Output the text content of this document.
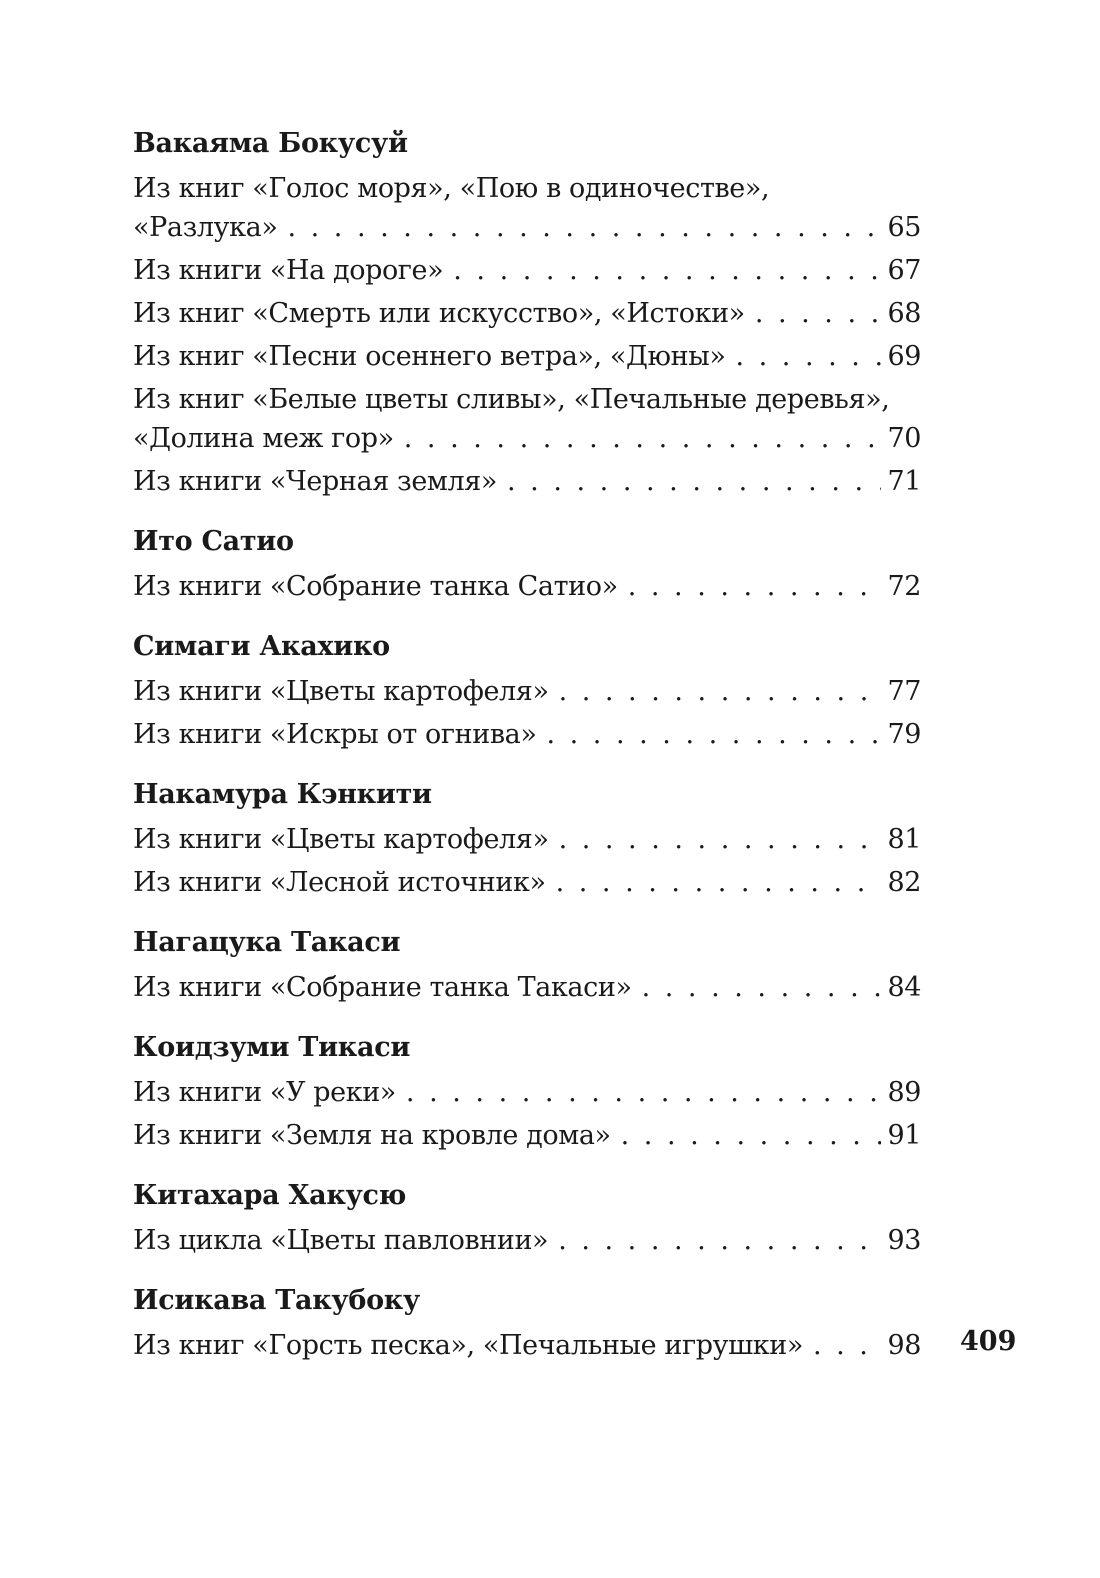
Вакаяма Бокусуй
Из книг «Голос моря», «Пою в одиночестве»,
«Разлука» . . .	65
Из книги «На дороге» . . .	67
Из книг «Смерть или искусство», «Истоки» . . .	68
Из книг «Песни осеннего ветра», «Дюны» . . .	69
Из книг «Белые цветы сливы», «Печальные деревья»,
«Долина меж гор» . . .	70
Из книги «Черная земля» . . .	71
Ито Сатио
Из книги «Собрание танка Сатио» . . .	72
Симаги Акахико
Из книги «Цветы картофеля» . . .	77
Из книги «Искры от огнива» . . .	79
Накамура Кэнкити
Из книги «Цветы картофеля» . . .	81
Из книги «Лесной источник» . . .	82
Нагацука Такаси
Из книги «Собрание танка Такаси» . . .	84
Коидзуми Тикаси
Из книги «У реки» . . .	89
Из книги «Земля на кровле дома» . . .	91
Китахара Хакусю
Из цикла «Цветы павловнии» . . .	93
Исикава Такубоку
Из книг «Горсть песка», «Печальные игрушки» . . .	98 409
